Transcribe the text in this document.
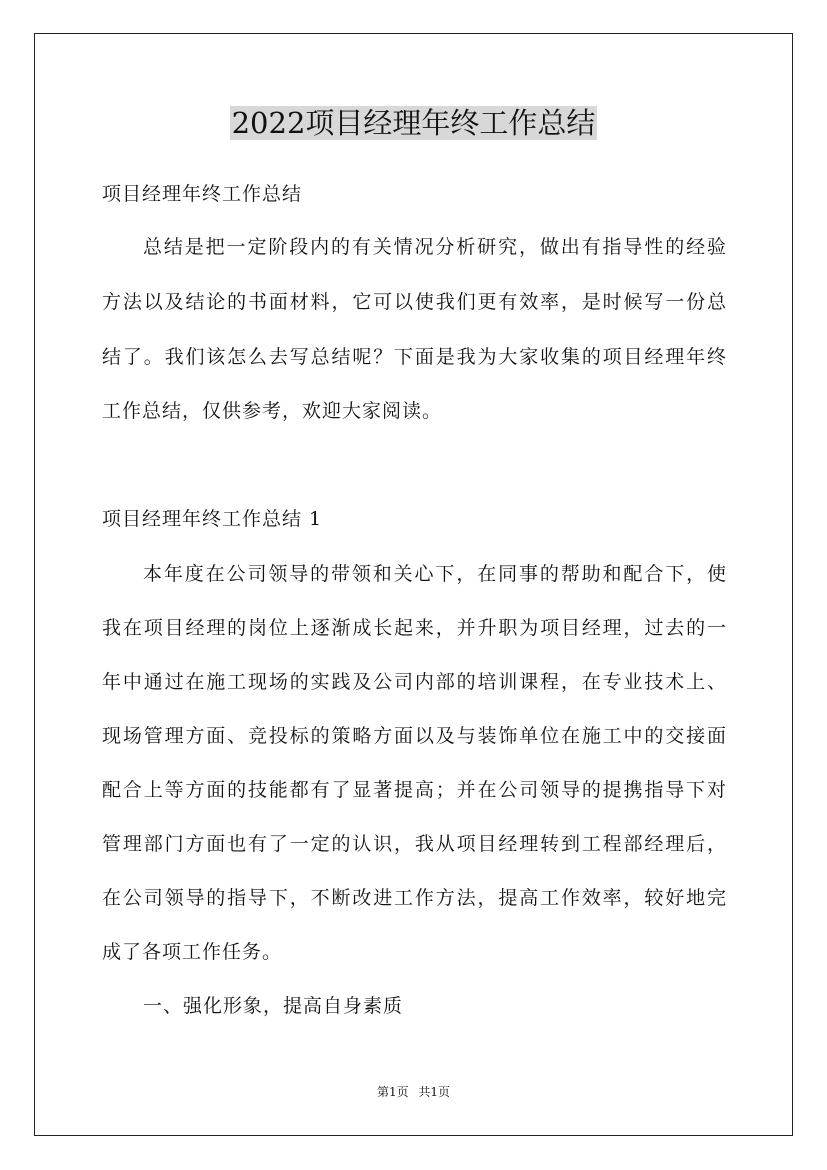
2022项目经理年终工作总结

项目经理年终工作总结

总结是把一定阶段内的有关情况分析研究，做出有指导性的经验

方法以及结论的书面材料，它可以使我们更有效率，是时候写一份总

结了。我们该怎么去写总结呢？下面是我为大家收集的项目经理年终

工作总结，仅供参考，欢迎大家阅读。

项目经理年终工作总结 1

本年度在公司领导的带领和关心下，在同事的帮助和配合下，使

我在项目经理的岗位上逐渐成长起来，并升职为项目经理，过去的一

年中通过在施工现场的实践及公司内部的培训课程，在专业技术上、

现场管理方面、竞投标的策略方面以及与装饰单位在施工中的交接面

配合上等方面的技能都有了显著提高；并在公司领导的提携指导下对

管理部门方面也有了一定的认识，我从项目经理转到工程部经理后，

在公司领导的指导下，不断改进工作方法，提高工作效率，较好地完

成了各项工作任务。

一、强化形象，提高自身素质

第1页 共1页
